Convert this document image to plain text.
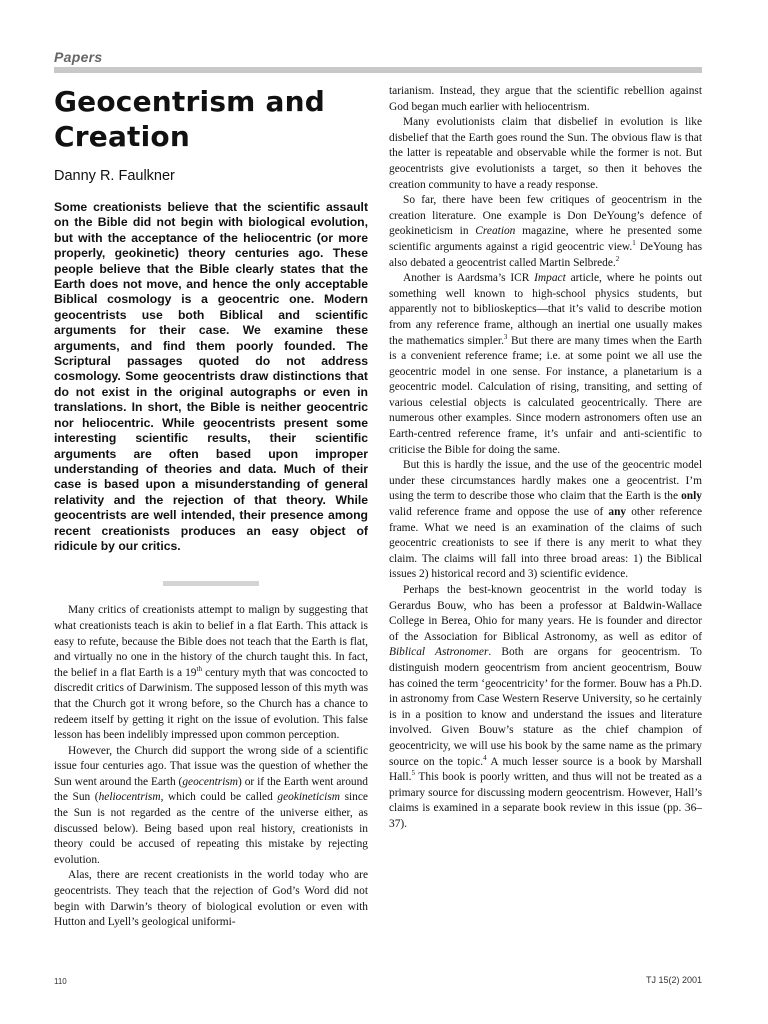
Papers
Geocentrism and
Creation

Danny R. Faulkner

Some creationists believe that the scientific assault on the Bible did not begin with biological evolution, but with the acceptance of the heliocentric (or more properly, geokinetic) theory centuries ago. These people believe that the Bible clearly states that the Earth does not move, and hence the only acceptable Biblical cosmology is a geocentric one. Modern geocentrists use both Biblical and scientific arguments for their case. We examine these arguments, and find them poorly founded. The Scriptural passages quoted do not address cosmology. Some geocentrists draw distinctions that do not exist in the original autographs or even in translations. In short, the Bible is neither geocentric nor heliocentric. While geocentrists present some interesting scientific results, their scientific arguments are often based upon improper understanding of theories and data. Much of their case is based upon a misunderstanding of general relativity and the rejection of that theory. While geocentrists are well intended, their presence among recent creationists produces an easy object of ridicule by our critics.

Many critics of creationists attempt to malign by suggesting that what creationists teach is akin to belief in a flat Earth. This attack is easy to refute, because the Bible does not teach that the Earth is flat, and virtually no one in the history of the church taught this. In fact, the belief in a flat Earth is a 19th century myth that was concocted to discredit critics of Darwinism. The supposed lesson of this myth was that the Church got it wrong before, so the Church has a chance to redeem itself by getting it right on the issue of evolution. This false lesson has been indelibly impressed upon common perception.

However, the Church did support the wrong side of a scientific issue four centuries ago. That issue was the question of whether the Sun went around the Earth (geocentrism) or if the Earth went around the Sun (heliocentrism, which could be called geokineticism since the Sun is not regarded as the centre of the universe either, as discussed below). Being based upon real history, creationists in theory could be accused of repeating this mistake by rejecting evolution.

Alas, there are recent creationists in the world today who are geocentrists. They teach that the rejection of God’s Word did not begin with Darwin’s theory of biological evolution or even with Hutton and Lyell’s geological uniformi-

tarianism. Instead, they argue that the scientific rebellion against God began much earlier with heliocentrism.

Many evolutionists claim that disbelief in evolution is like disbelief that the Earth goes round the Sun. The obvious flaw is that the latter is repeatable and observable while the former is not. But geocentrists give evolutionists a target, so then it behoves the creation community to have a ready response.

So far, there have been few critiques of geocentrism in the creation literature. One example is Don DeYoung’s defence of geokineticism in Creation magazine, where he presented some scientific arguments against a rigid geocentric view.$^1$ DeYoung has also debated a geocentrist called Martin Selbrede.$^2$

Another is Aardsma’s ICR Impact article, where he points out something well known to high-school physics students, but apparently not to biblioskeptics—that it’s valid to describe motion from any reference frame, although an inertial one usually makes the mathematics simpler.$^3$ But there are many times when the Earth is a convenient reference frame; i.e. at some point we all use the geocentric model in one sense. For instance, a planetarium is a geocentric model. Calculation of rising, transiting, and setting of various celestial objects is calculated geocentrically. There are numerous other examples. Since modern astronomers often use an Earth-centred reference frame, it’s unfair and anti-scientific to criticise the Bible for doing the same.

But this is hardly the issue, and the use of the geocentric model under these circumstances hardly makes one a geocentrist. I’m using the term to describe those who claim that the Earth is the only valid reference frame and oppose the use of any other reference frame. What we need is an examination of the claims of such geocentric creationists to see if there is any merit to what they claim. The claims will fall into three broad areas: 1) the Biblical issues 2) historical record and 3) scientific evidence.

Perhaps the best-known geocentrist in the world today is Gerardus Bouw, who has been a professor at Baldwin-Wallace College in Berea, Ohio for many years. He is founder and director of the Association for Biblical Astronomy, as well as editor of Biblical Astronomer. Both are organs for geocentrism. To distinguish modern geocentrism from ancient geocentrism, Bouw has coined the term ‘geocentricity’ for the former. Bouw has a Ph.D. in astronomy from Case Western Reserve University, so he certainly is in a position to know and understand the issues and literature involved. Given Bouw’s stature as the chief champion of geocentricity, we will use his book by the same name as the primary source on the topic.$^4$ A much lesser source is a book by Marshall Hall.$^5$ This book is poorly written, and thus will not be treated as a primary source for discussing modern geocentrism. However, Hall’s claims is examined in a separate book review in this issue (pp. 36–37).

110	TJ 15(2) 2001
